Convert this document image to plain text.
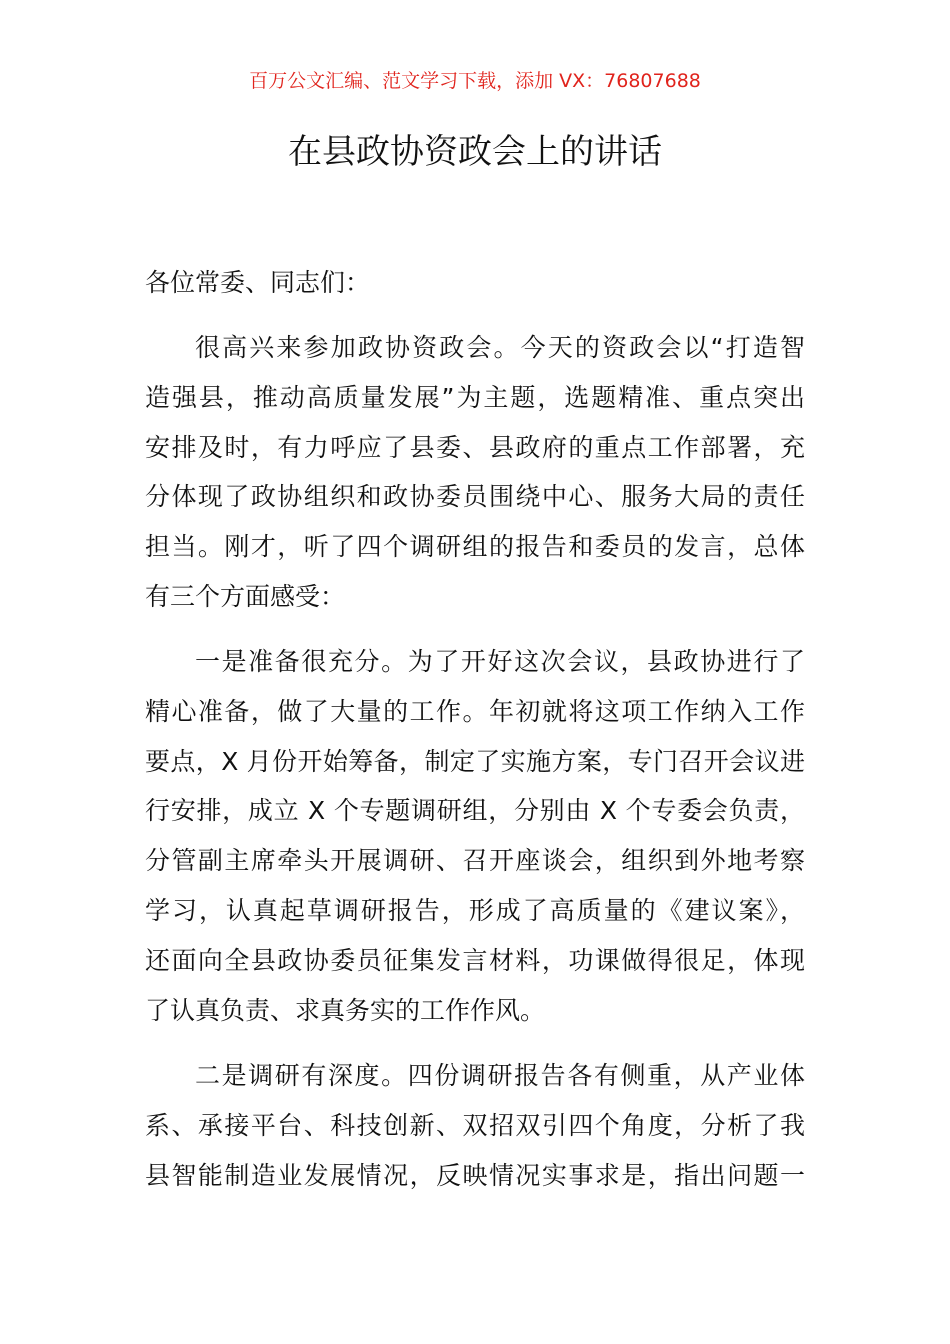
百万公文汇编、范文学习下载，添加 VX：76807688
在县政协资政会上的讲话
各位常委、同志们：
很高兴来参加政协资政会。今天的资政会以“打造智
造强县，推动高质量发展”为主题，选题精准、重点突出
安排及时，有力呼应了县委、县政府的重点工作部署，充
分体现了政协组织和政协委员围绕中心、服务大局的责任
担当。刚才，听了四个调研组的报告和委员的发言，总体
有三个方面感受：
一是准备很充分。为了开好这次会议，县政协进行了
精心准备，做了大量的工作。年初就将这项工作纳入工作
要点，X 月份开始筹备，制定了实施方案，专门召开会议进
行安排，成立 X 个专题调研组，分别由 X 个专委会负责，
分管副主席牵头开展调研、召开座谈会，组织到外地考察
学习，认真起草调研报告，形成了高质量的《建议案》，
还面向全县政协委员征集发言材料，功课做得很足，体现
了认真负责、求真务实的工作作风。
二是调研有深度。四份调研报告各有侧重，从产业体
系、承接平台、科技创新、双招双引四个角度，分析了我
县智能制造业发展情况，反映情况实事求是，指出问题一
